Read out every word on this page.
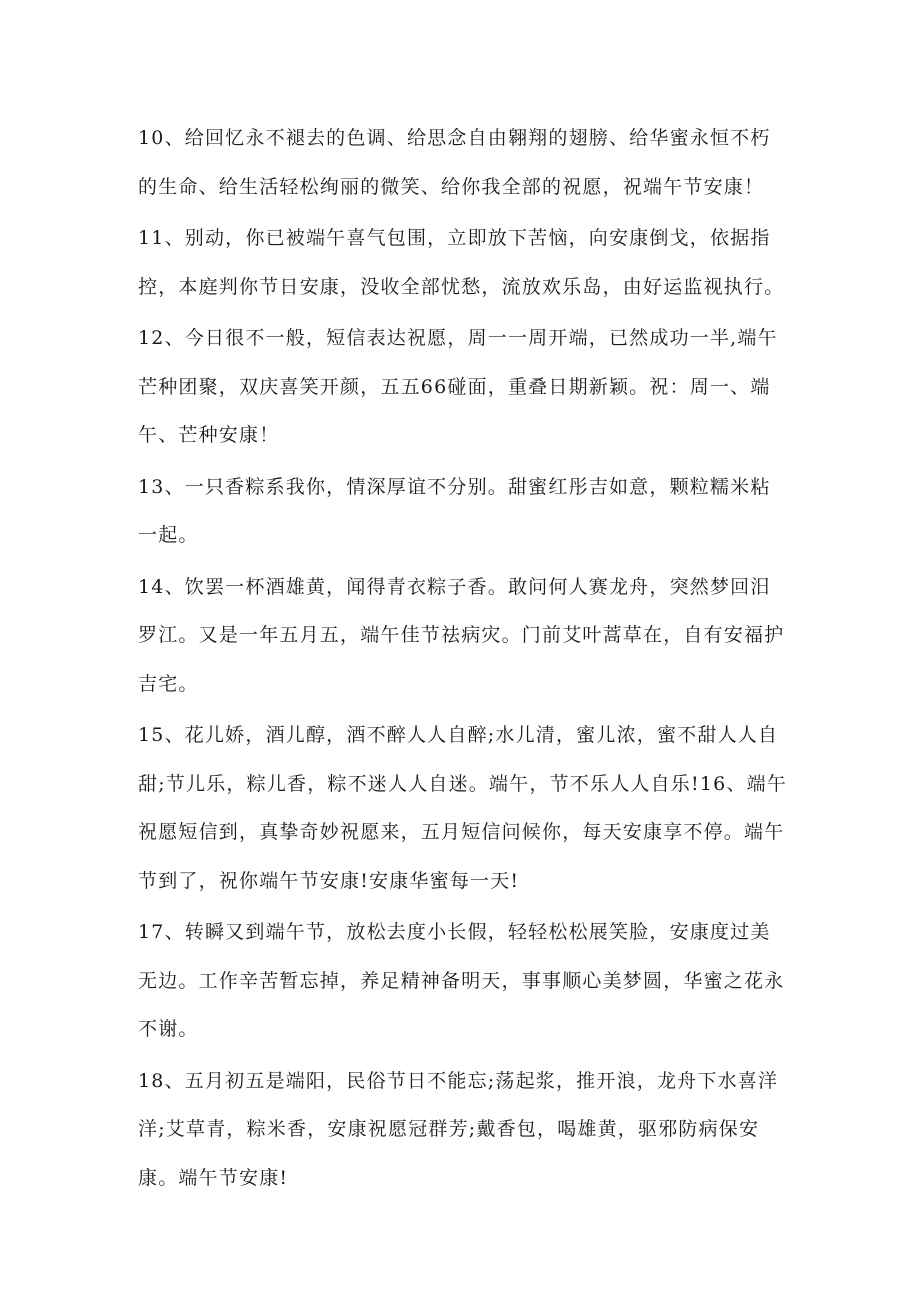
10、给回忆永不褪去的色调、给思念自由翱翔的翅膀、给华蜜永恒不朽的生命、给生活轻松绚丽的微笑、给你我全部的祝愿，祝端午节安康！

11、别动，你已被端午喜气包围，立即放下苦恼，向安康倒戈，依据指控，本庭判你节日安康，没收全部忧愁，流放欢乐岛，由好运监视执行。

12、今日很不一般，短信表达祝愿，周一一周开端，已然成功一半,端午芒种团聚，双庆喜笑开颜，五五66碰面，重叠日期新颖。祝：周一、端午、芒种安康！

13、一只香粽系我你，情深厚谊不分别。甜蜜红彤吉如意，颗粒糯米粘一起。

14、饮罢一杯酒雄黄，闻得青衣粽子香。敢问何人赛龙舟，突然梦回汨罗江。又是一年五月五，端午佳节祛病灾。门前艾叶蒿草在，自有安福护吉宅。

15、花儿娇，酒儿醇，酒不醉人人自醉;水儿清，蜜儿浓，蜜不甜人人自甜;节儿乐，粽儿香，粽不迷人人自迷。端午，节不乐人人自乐!16、端午祝愿短信到，真挚奇妙祝愿来，五月短信问候你，每天安康享不停。端午节到了，祝你端午节安康!安康华蜜每一天!

17、转瞬又到端午节，放松去度小长假，轻轻松松展笑脸，安康度过美无边。工作辛苦暂忘掉，养足精神备明天，事事顺心美梦圆，华蜜之花永不谢。

18、五月初五是端阳，民俗节日不能忘;荡起浆，推开浪，龙舟下水喜洋洋;艾草青，粽米香，安康祝愿冠群芳;戴香包，喝雄黄，驱邪防病保安康。端午节安康!
